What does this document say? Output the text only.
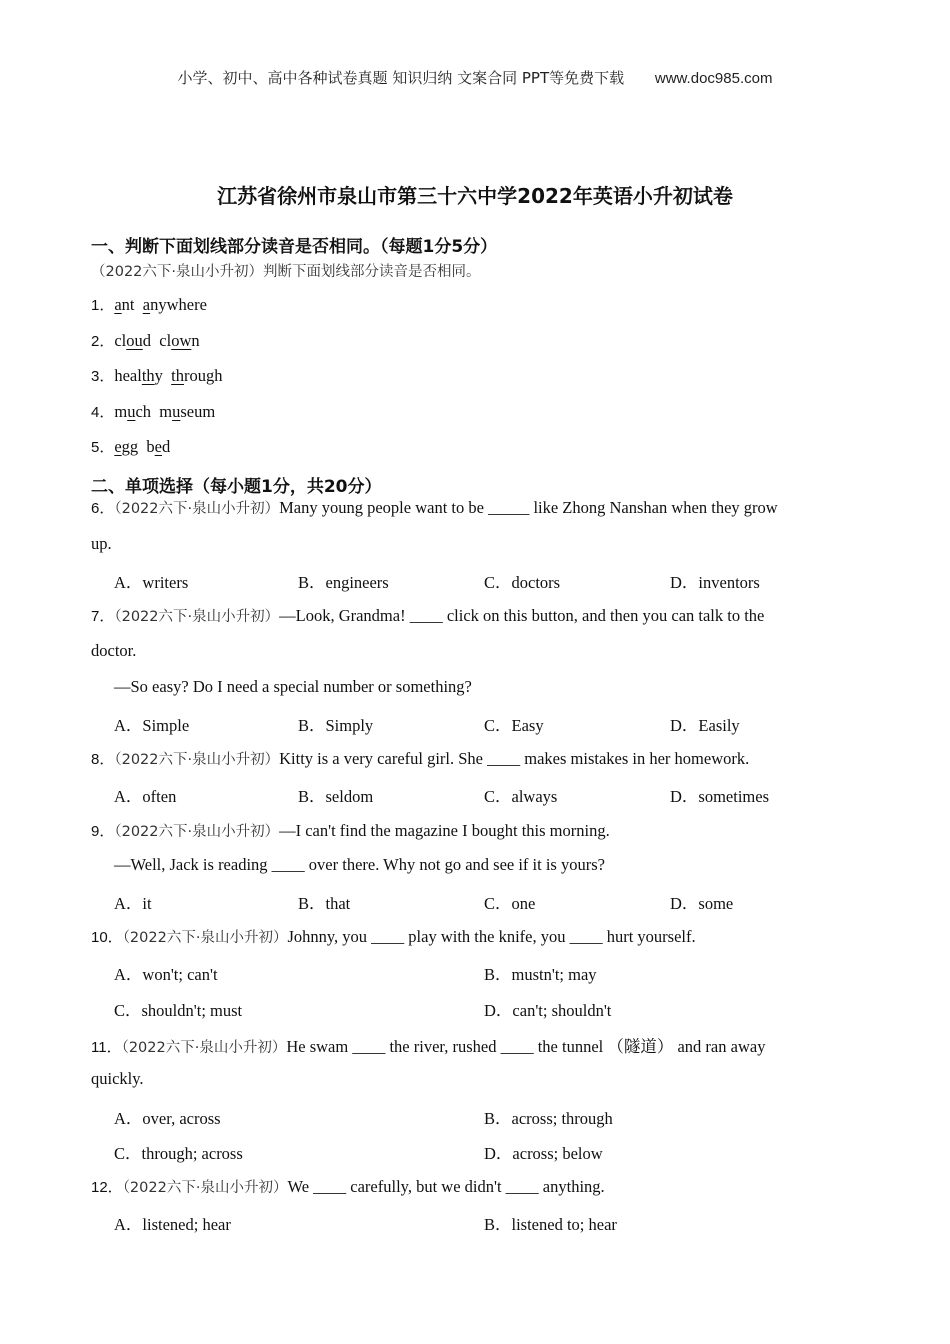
小学、初中、高中各种试卷真题 知识归纳 文案合同 PPT等免费下载 www.doc985.com
江苏省徐州市泉山市第三十六中学2022年英语小升初试卷
一、判断下面划线部分读音是否相同。（每题1分5分）
（2022六下·泉山小升初）判断下面划线部分读音是否相同。
1．ant anywhere
2．cloud clown
3．healthy through
4．much museum
5．egg bed
二、单项选择（每小题1分，共20分）
6．（2022六下·泉山小升初）Many young people want to be _____ like Zhong Nanshan when they grow
up.
A．writers	B．engineers	C．doctors	D．inventors
7．（2022六下·泉山小升初）—Look, Grandma! ____ click on this button, and then you can talk to the
doctor.
—So easy? Do I need a special number or something?
A．Simple	B．Simply	C．Easy	D．Easily
8．（2022六下·泉山小升初）Kitty is a very careful girl. She ____ makes mistakes in her homework.
A．often	B．seldom	C．always	D．sometimes
9．（2022六下·泉山小升初）—I can't find the magazine I bought this morning.
—Well, Jack is reading ____ over there. Why not go and see if it is yours?
A．it	B．that	C．one	D．some
10．（2022六下·泉山小升初）Johnny, you ____ play with the knife, you ____ hurt yourself.
A．won't; can't	B．mustn't; may
C．shouldn't; must	D．can't; shouldn't
11．（2022六下·泉山小升初）He swam ____ the river, rushed ____ the tunnel （隧道） and ran away
quickly.
A．over, across	B．across; through
C．through; across	D．across; below
12．（2022六下·泉山小升初）We ____ carefully, but we didn't ____ anything.
A．listened; hear	B．listened to; hear
